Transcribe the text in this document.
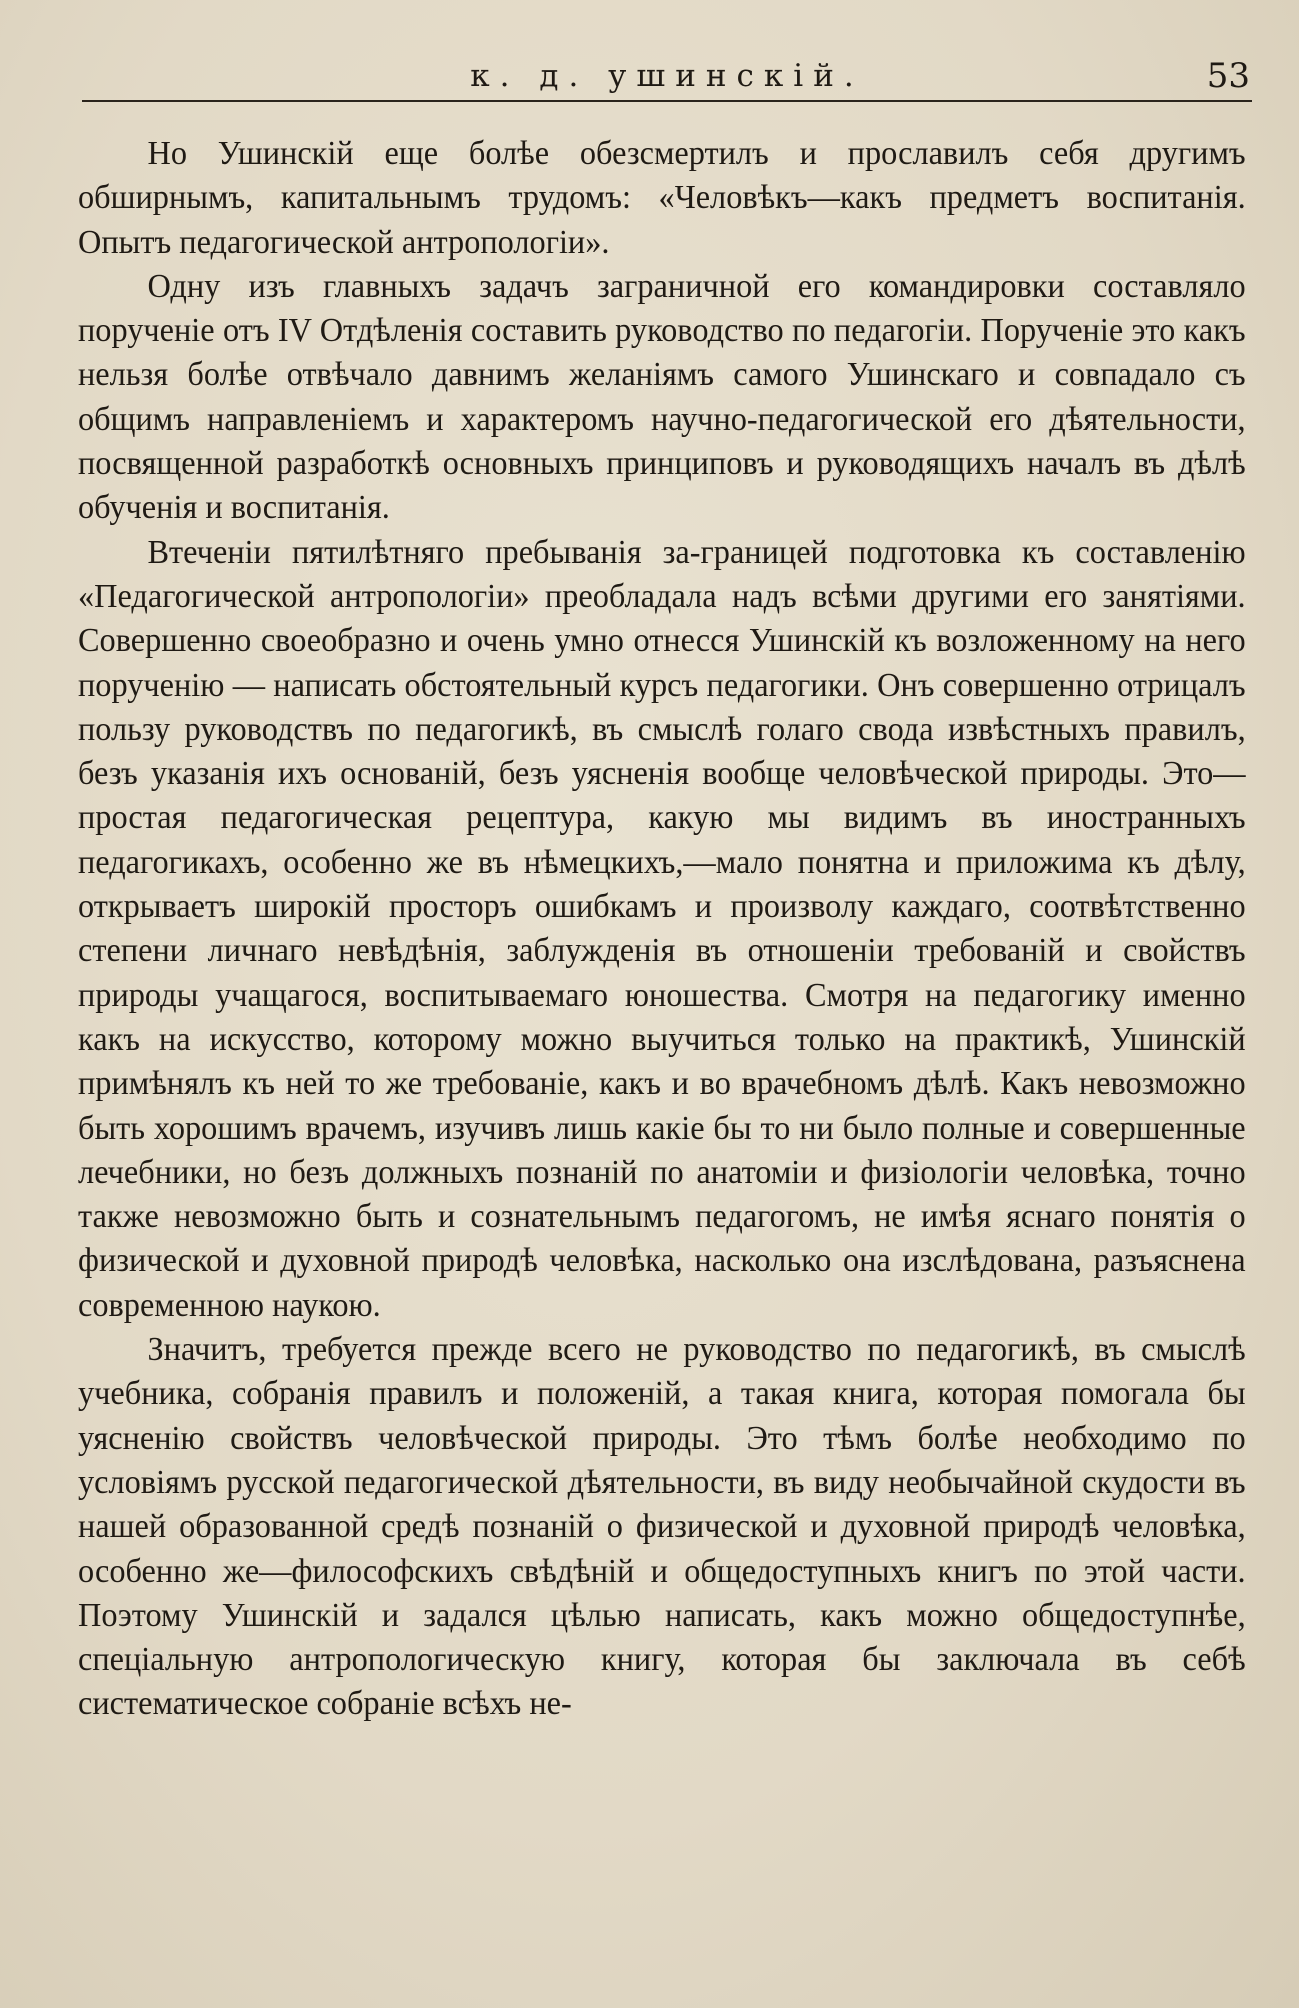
к. д. ушинскій.	53

Но Ушинскій еще болѣе обезсмертилъ и прославилъ себя другимъ обширнымъ, капитальнымъ трудомъ: «Человѣкъ—какъ предметъ воспитанія. Опытъ педагогической антропологіи».

Одну изъ главныхъ задачъ заграничной его командировки составляло порученіе отъ IV Отдѣленія составить руководство по педагогіи. Порученіе это какъ нельзя болѣе отвѣчало давнимъ желаніямъ самого Ушинскаго и совпадало съ общимъ направленіемъ и характеромъ научно-педагогической его дѣятельности, посвященной разработкѣ основныхъ принциповъ и руководящихъ началъ въ дѣлѣ обученія и воспитанія.

Втеченіи пятилѣтняго пребыванія за-границей подготовка къ составленію «Педагогической антропологіи» преобладала надъ всѣми другими его занятіями. Совершенно своеобразно и очень умно отнесся Ушинскій къ возложенному на него порученію — написать обстоятельный курсъ педагогики. Онъ совершенно отрицалъ пользу руководствъ по педагогикѣ, въ смыслѣ голаго свода извѣстныхъ правилъ, безъ указанія ихъ основаній, безъ уясненія вообще человѣческой природы. Это—простая педагогическая рецептура, какую мы видимъ въ иностранныхъ педагогикахъ, особенно же въ нѣмецкихъ,—мало понятна и приложима къ дѣлу, открываетъ широкій просторъ ошибкамъ и произволу каждаго, соотвѣтственно степени личнаго невѣдѣнія, заблужденія въ отношеніи требованій и свойствъ природы учащагося, воспитываемаго юношества. Смотря на педагогику именно какъ на искусство, которому можно выучиться только на практикѣ, Ушинскій примѣнялъ къ ней то же требованіе, какъ и во врачебномъ дѣлѣ. Какъ невозможно быть хорошимъ врачемъ, изучивъ лишь какіе бы то ни было полные и совершенные лечебники, но безъ должныхъ познаній по анатоміи и физіологіи человѣка, точно также невозможно быть и сознательнымъ педагогомъ, не имѣя яснаго понятія о физической и духовной природѣ человѣка, насколько она изслѣдована, разъяснена современною наукою.

Значитъ, требуется прежде всего не руководство по педагогикѣ, въ смыслѣ учебника, собранія правилъ и положеній, а такая книга, которая помогала бы уясненію свойствъ человѣческой природы. Это тѣмъ болѣе необходимо по условіямъ русской педагогической дѣятельности, въ виду необычайной скудости въ нашей образованной средѣ познаній о физической и духовной природѣ человѣка, особенно же—философскихъ свѣдѣній и общедоступныхъ книгъ по этой части. Поэтому Ушинскій и задался цѣлью написать, какъ можно общедоступнѣе, спеціальную антропологическую книгу, которая бы заключала въ себѣ систематическое собраніе всѣхъ не-
